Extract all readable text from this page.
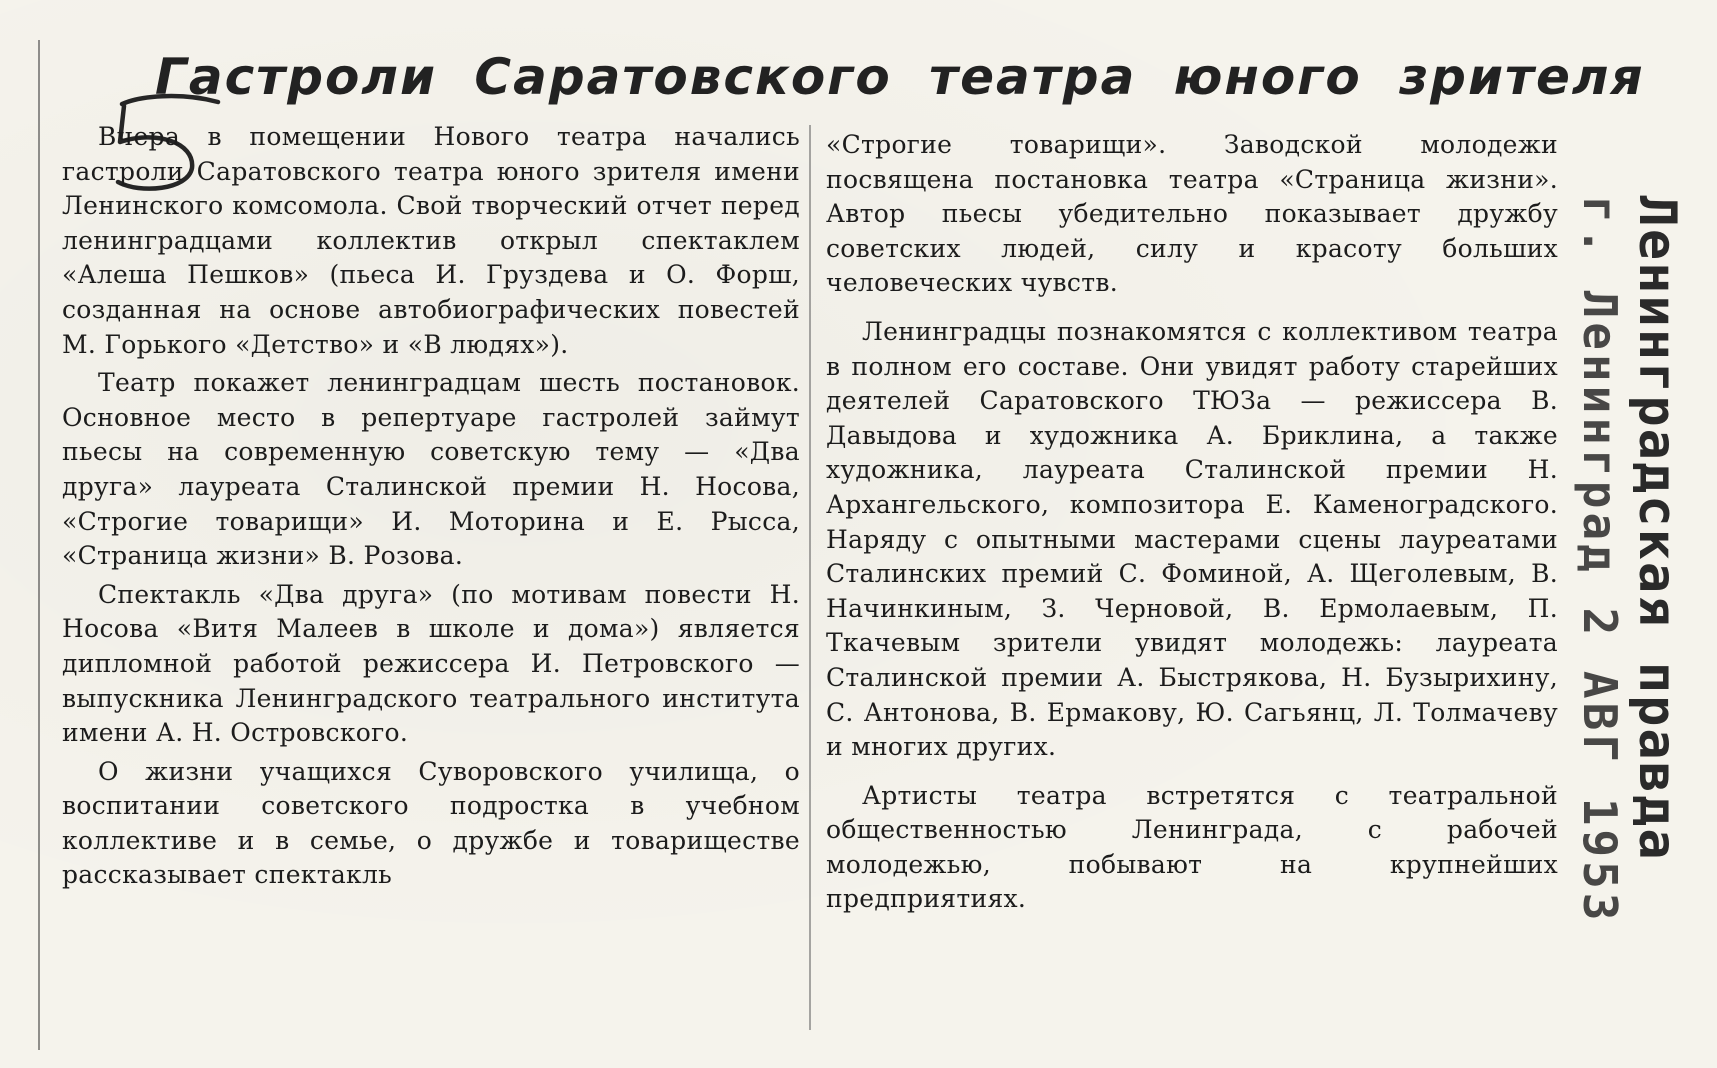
Гастроли Саратовского театра юного зрителя

Вчера в помещении Нового театра начались гастроли Саратовского театра юного зрителя имени Ленинского комсомола. Свой творческий отчет перед ленинградцами коллектив открыл спектаклем «Алеша Пешков» (пьеса И. Груздева и О. Форш, созданная на основе автобиографических повестей М. Горького «Детство» и «В людях»).

Театр покажет ленинградцам шесть постановок. Основное место в репертуаре гастролей займут пьесы на современную советскую тему — «Два друга» лауреата Сталинской премии Н. Носова, «Строгие товарищи» И. Моторина и Е. Рысса, «Страница жизни» В. Розова.

Спектакль «Два друга» (по мотивам повести Н. Носова «Витя Малеев в школе и дома») является дипломной работой режиссера И. Петровского — выпускника Ленинградского театрального института имени А. Н. Островского.

О жизни учащихся Суворовского училища, о воспитании советского подростка в учебном коллективе и в семье, о дружбе и товариществе рассказывает спектакль

«Строгие товарищи». Заводской молодежи посвящена постановка театра «Страница жизни». Автор пьесы убедительно показывает дружбу советских людей, силу и красоту больших человеческих чувств.

Ленинградцы познакомятся с коллективом театра в полном его составе. Они увидят работу старейших деятелей Саратовского ТЮЗа — режиссера В. Давыдова и художника А. Бриклина, а также художника, лауреата Сталинской премии Н. Архангельского, композитора Е. Каменоградского. Наряду с опытными мастерами сцены лауреатами Сталинских премий С. Фоминой, А. Щеголевым, В. Начинкиным, З. Черновой, В. Ермолаевым, П. Ткачевым зрители увидят молодежь: лауреата Сталинской премии А. Быстрякова, Н. Бузырихину, С. Антонова, В. Ермакову, Ю. Сагьянц, Л. Толмачеву и многих других.

Артисты театра встретятся с театральной общественностью Ленинграда, с рабочей молодежью, побывают на крупнейших предприятиях.

Ленинградская правда
г. Ленинград 2 АВГ 1953
